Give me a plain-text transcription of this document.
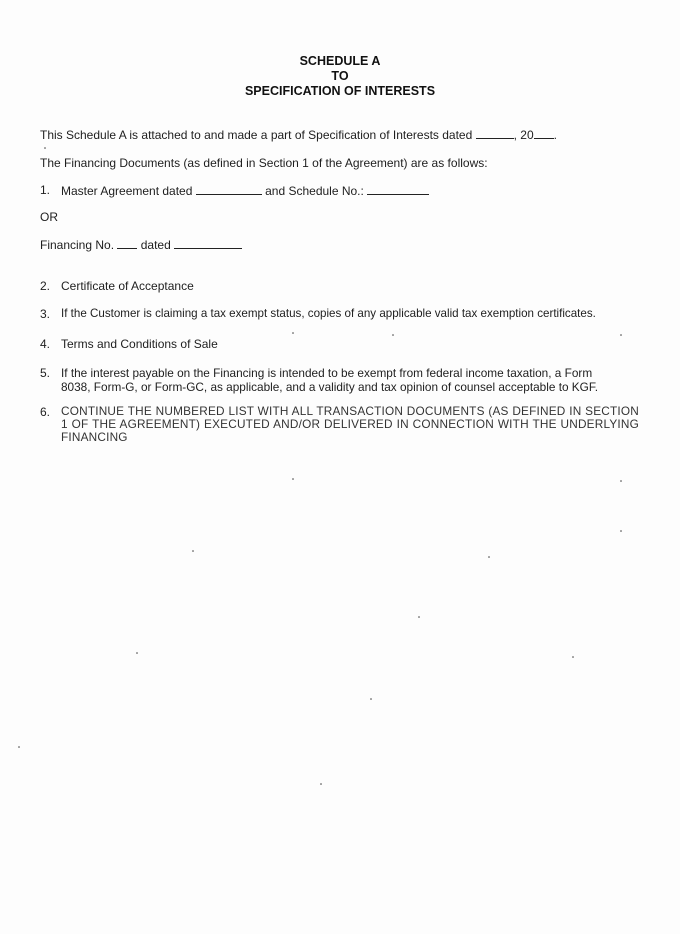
SCHEDULE A
TO
SPECIFICATION OF INTERESTS
This Schedule A is attached to and made a part of Specification of Interests dated	, 20 .
The Financing Documents (as defined in Section 1 of the Agreement) are as follows:
1. Master Agreement dated	and Schedule No.:
OR
Financing No. dated
2. Certificate of Acceptance
3. If the Customer is claiming a tax exempt status, copies of any applicable valid tax exemption certificates.
4. Terms and Conditions of Sale
5. If the interest payable on the Financing is intended to be exempt from federal income taxation, a Form 8038, Form-G, or Form-GC, as applicable, and a validity and tax opinion of counsel acceptable to KGF.
6. CONTINUE THE NUMBERED LIST WITH ALL TRANSACTION DOCUMENTS (AS DEFINED IN SECTION 1 OF THE AGREEMENT) EXECUTED AND/OR DELIVERED IN CONNECTION WITH THE UNDERLYING FINANCING
